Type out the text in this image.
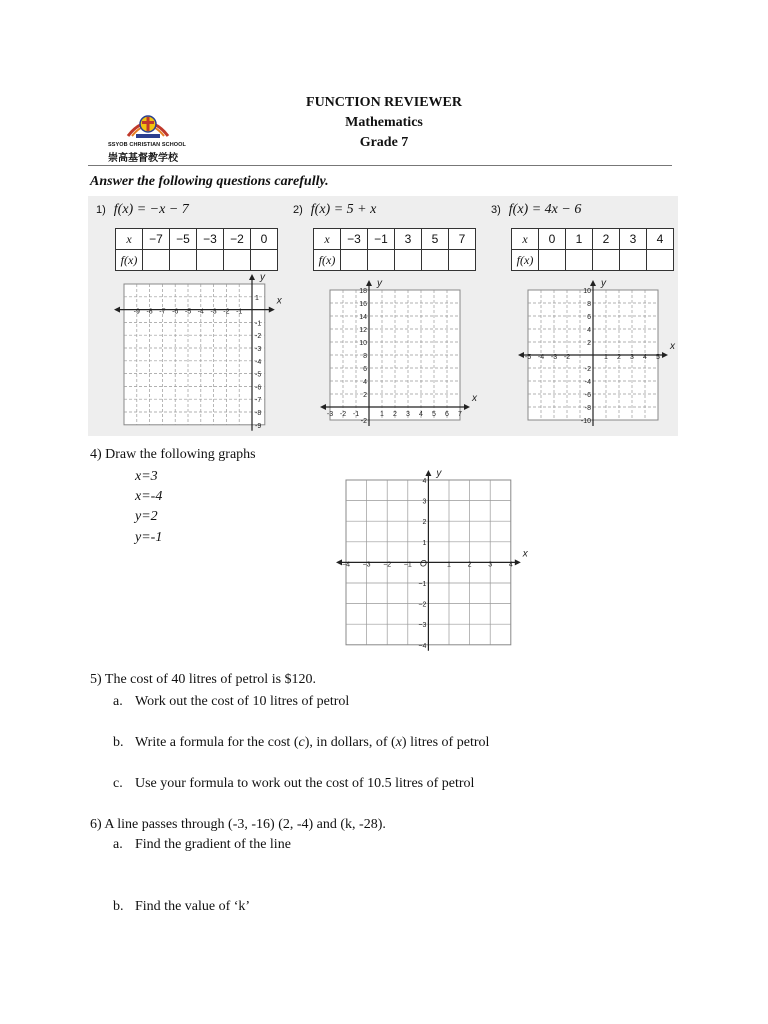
FUNCTION REVIEWER
Mathematics
Grade 7
SSYOB CHRISTIAN SCHOOL
崇高基督教学校
Answer the following questions carefully.
1) f(x) = −x − 7
x	−7	−5	−3	−2	0
f(x)					
x
y
-9 -8 -7 -6 -5 -4 -3 -2 -1
1
-1
-2
-3
-4
-5
-6
-7
-8
-9
2) f(x) = 5 + x
x	−3	−1	3	5	7
f(x)					
x
y
-3 -2 -1	1 2 3 4 5 6 7
18
16
14
12
10
8
6
4
2
-2
3) f(x) = 4x − 6
x	0	1	2	3	4
f(x)					
x
y
-5 -4 -3 -2	1 2 3 4 5
10
8
6
4
2
-2
-4
-6
-8
-10
4) Draw the following graphs
x=3
x=-4
y=2
y=-1
x
y
−4 −3 −2 −1	1 2 3 4
O
4
3
2
1
−1
−2
−3
−4
5) The cost of 40 litres of petrol is $120.
a. Work out the cost of 10 litres of petrol
b. Write a formula for the cost (c), in dollars, of (x) litres of petrol
c. Use your formula to work out the cost of 10.5 litres of petrol
6) A line passes through (-3, -16) (2, -4) and (k, -28).
a. Find the gradient of the line
b. Find the value of ‘k’
